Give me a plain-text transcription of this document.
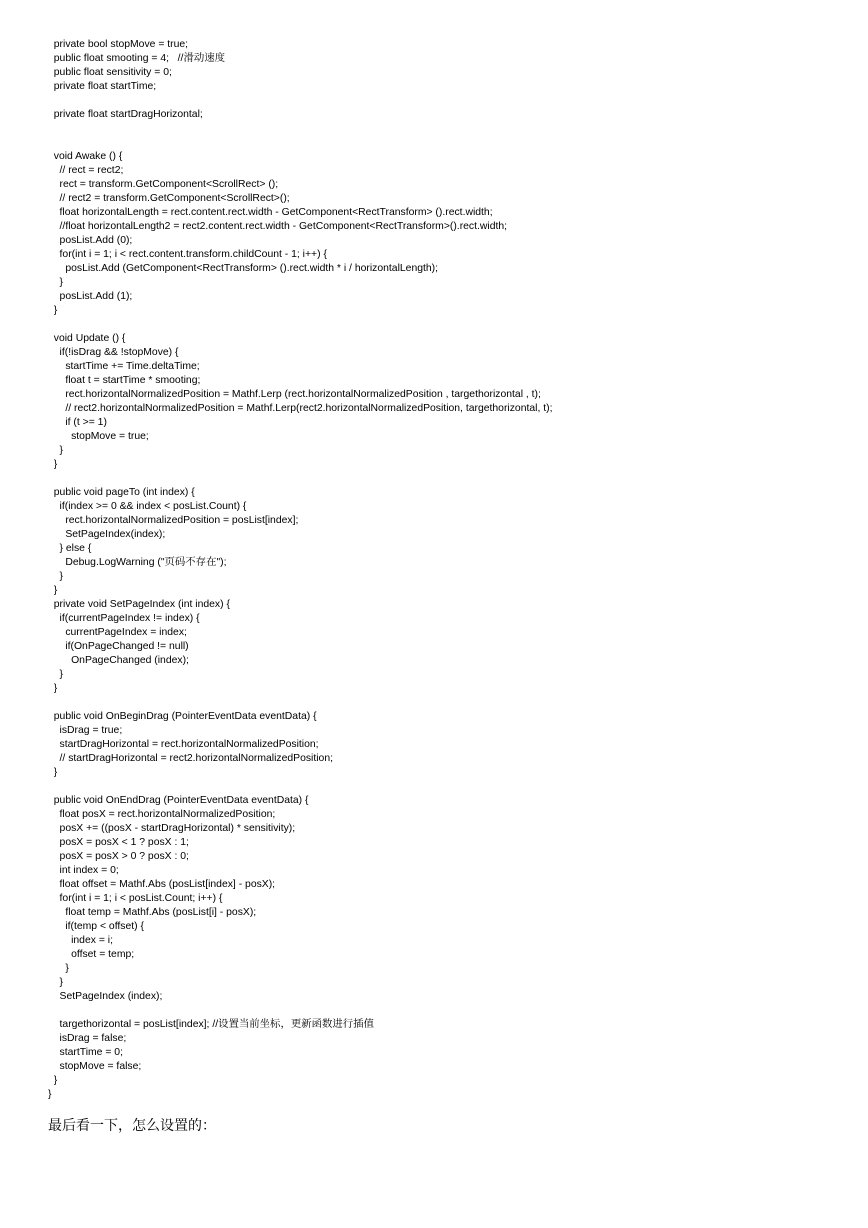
private bool stopMove = true;
public float smooting = 4;   //滑动速度
public float sensitivity = 0;
private float startTime;
private float startDragHorizontal;
void Awake () {
// rect = rect2;
rect = transform.GetComponent<ScrollRect> ();
// rect2 = transform.GetComponent<ScrollRect>();
float horizontalLength = rect.content.rect.width - GetComponent<RectTransform> ().rect.width;
//float horizontalLength2 = rect2.content.rect.width - GetComponent<RectTransform>().rect.width;
posList.Add (0);
for(int i = 1; i < rect.content.transform.childCount - 1; i++) {
posList.Add (GetComponent<RectTransform> ().rect.width * i / horizontalLength);
}
posList.Add (1);
}
void Update () {
if(!isDrag && !stopMove) {
startTime += Time.deltaTime;
float t = startTime * smooting;
rect.horizontalNormalizedPosition = Mathf.Lerp (rect.horizontalNormalizedPosition , targethorizontal , t);
// rect2.horizontalNormalizedPosition = Mathf.Lerp(rect2.horizontalNormalizedPosition, targethorizontal, t);
if (t >= 1)
stopMove = true;
}
}
public void pageTo (int index) {
if(index >= 0 && index < posList.Count) {
rect.horizontalNormalizedPosition = posList[index];
SetPageIndex(index);
} else {
Debug.LogWarning ("页码不存在");
}
}
private void SetPageIndex (int index) {
if(currentPageIndex != index) {
currentPageIndex = index;
if(OnPageChanged != null)
OnPageChanged (index);
}
}
public void OnBeginDrag (PointerEventData eventData) {
isDrag = true;
startDragHorizontal = rect.horizontalNormalizedPosition;
// startDragHorizontal = rect2.horizontalNormalizedPosition;
}
public void OnEndDrag (PointerEventData eventData) {
float posX = rect.horizontalNormalizedPosition;
posX += ((posX - startDragHorizontal) * sensitivity);
posX = posX < 1 ? posX : 1;
posX = posX > 0 ? posX : 0;
int index = 0;
float offset = Mathf.Abs (posList[index] - posX);
for(int i = 1; i < posList.Count; i++) {
float temp = Mathf.Abs (posList[i] - posX);
if(temp < offset) {
index = i;
offset = temp;
}
}
SetPageIndex (index);
targethorizontal = posList[index]; //设置当前坐标，更新函数进行插值
isDrag = false;
startTime = 0;
stopMove = false;
}
}
最后看一下，怎么设置的：
